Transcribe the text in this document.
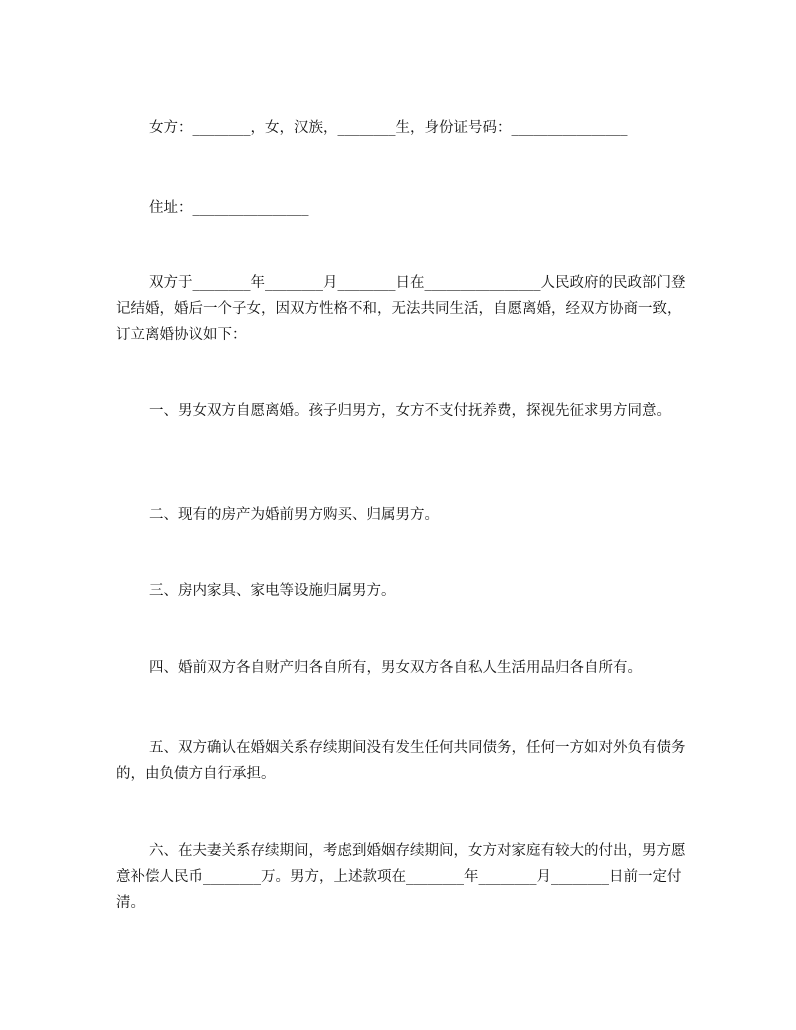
女方：________，女，汉族，________生，身份证号码：________________

住址：________________

双方于________年________月________日在________________人民政府的民政部门登记结婚，婚后一个子女，因双方性格不和，无法共同生活，自愿离婚，经双方协商一致，订立离婚协议如下：

一、男女双方自愿离婚。孩子归男方，女方不支付抚养费，探视先征求男方同意。

二、现有的房产为婚前男方购买、归属男方。

三、房内家具、家电等设施归属男方。

四、婚前双方各自财产归各自所有，男女双方各自私人生活用品归各自所有。

五、双方确认在婚姻关系存续期间没有发生任何共同债务，任何一方如对外负有债务的，由负债方自行承担。

六、在夫妻关系存续期间，考虑到婚姻存续期间，女方对家庭有较大的付出，男方愿意补偿人民币________万。男方，上述款项在________年________月________日前一定付清。
